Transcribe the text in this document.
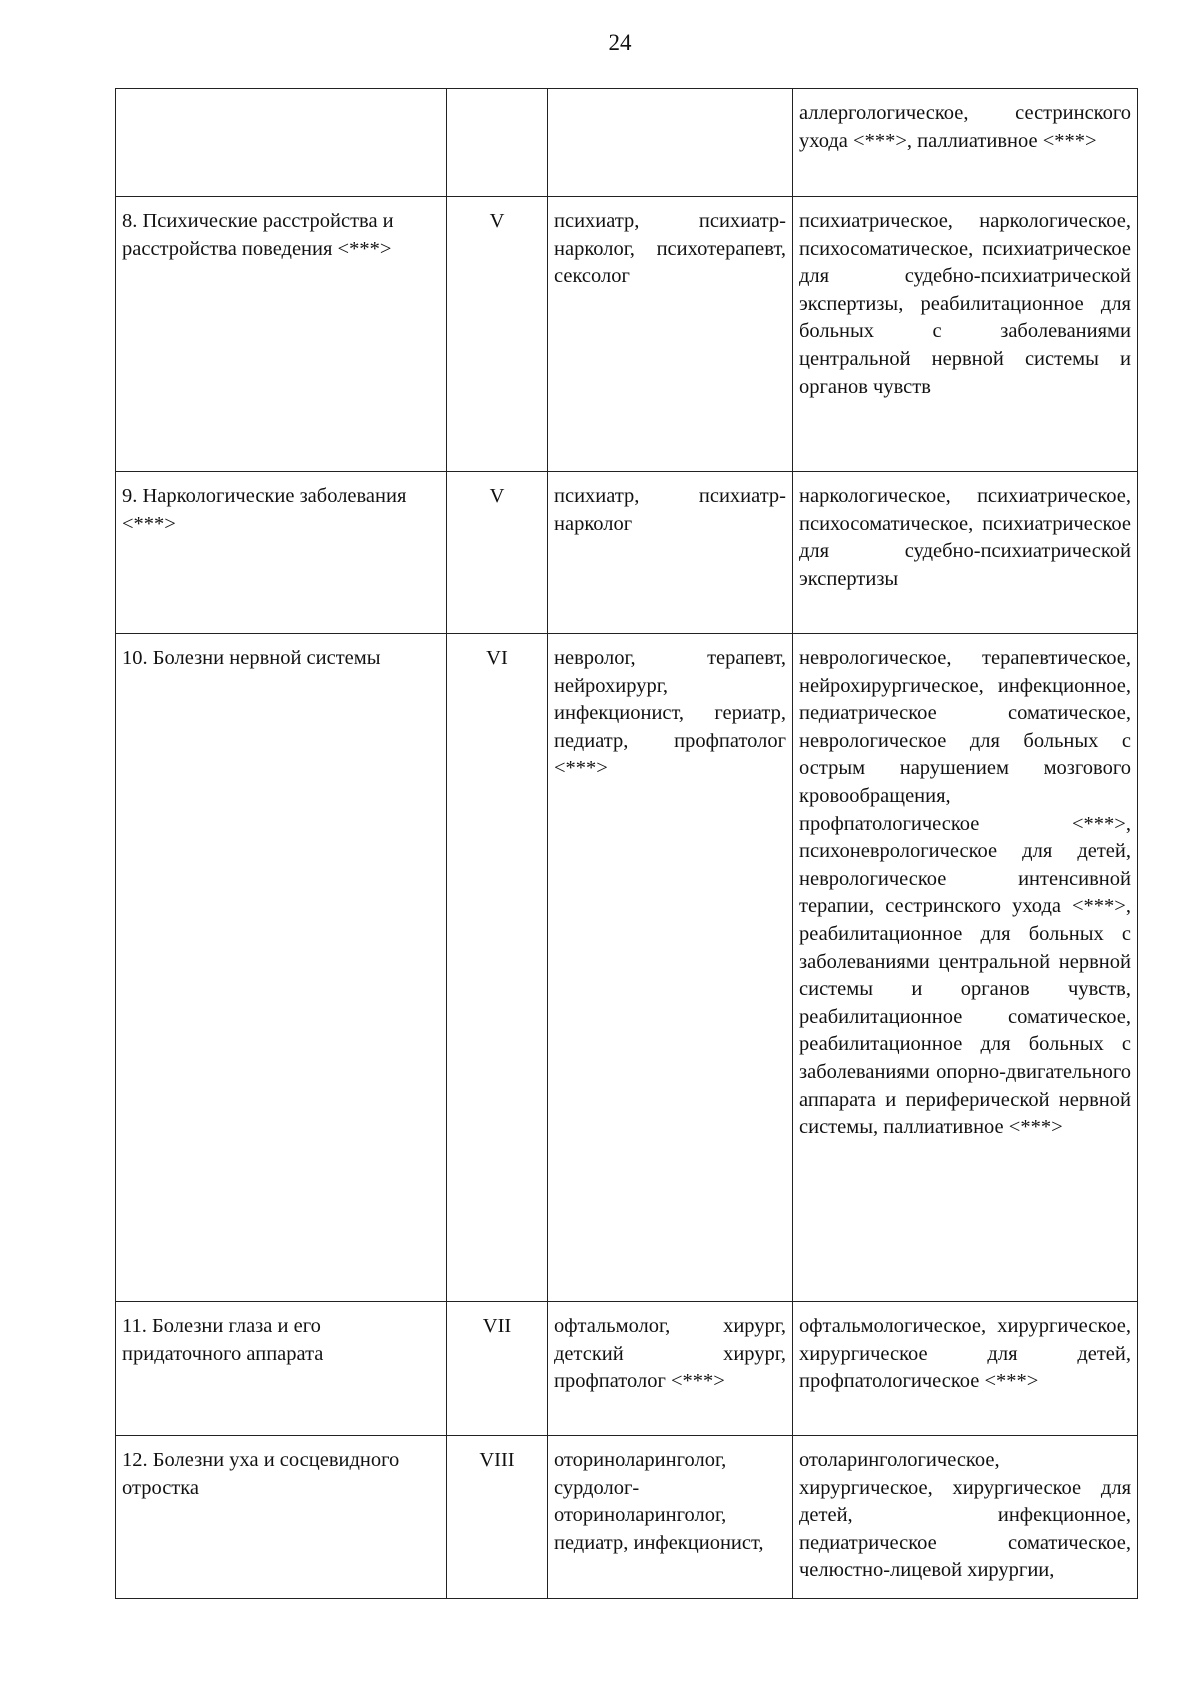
24

			аллергологическое, сестринского ухода <***>, паллиативное <***>

8. Психические расстройства и расстройства поведения <***>	V	психиатр, психиатр-нарколог, психотерапевт, сексолог	психиатрическое, наркологическое, психосоматическое, психиатрическое для судебно-психиатрической экспертизы, реабилитационное для больных с заболеваниями центральной нервной системы и органов чувств

9. Наркологические заболевания <***>	V	психиатр, психиатр-нарколог	наркологическое, психиатрическое, психосоматическое, психиатрическое для судебно-психиатрической экспертизы

10. Болезни нервной системы	VI	невролог, терапевт, нейрохирург, инфекционист, гериатр, педиатр, профпатолог <***>	неврологическое, терапевтическое, нейрохирургическое, инфекционное, педиатрическое соматическое, неврологическое для больных с острым нарушением мозгового кровообращения, профпатологическое <***>, психоневрологическое для детей, неврологическое интенсивной терапии, сестринского ухода <***>, реабилитационное для больных с заболеваниями центральной нервной системы и органов чувств, реабилитационное соматическое, реабилитационное для больных с заболеваниями опорно-двигательного аппарата и периферической нервной системы, паллиативное <***>

11. Болезни глаза и его придаточного аппарата	VII	офтальмолог, хирург, детский хирург, профпатолог <***>	офтальмологическое, хирургическое, хирургическое для детей, профпатологическое <***>

12. Болезни уха и сосцевидного отростка	VIII	оториноларинголог, сурдолог-оториноларинголог, педиатр, инфекционист,	отоларингологическое, хирургическое, хирургическое для детей, инфекционное, педиатрическое соматическое, челюстно-лицевой хирургии,
